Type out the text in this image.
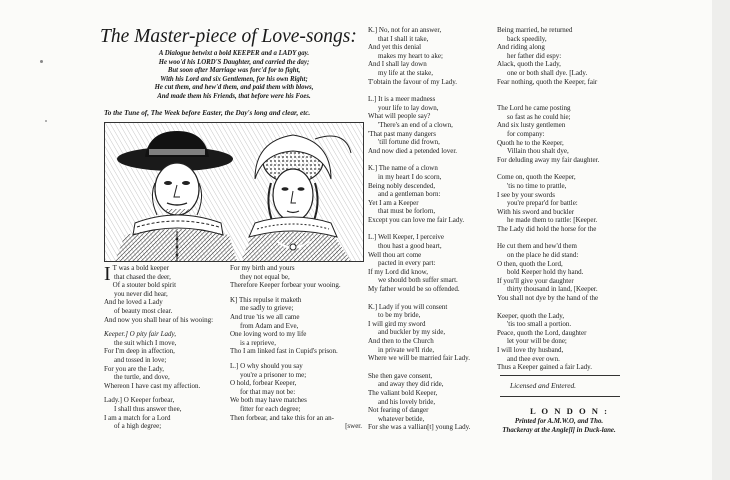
The Master-piece of Love-songs:
A Dialogue betwixt a bold KEEPER and a LADY gay.
He woo'd his LORD'S Daughter, and carried the day;
But soon after Marriage was forc'd for to fight,
With his Lord and six Gentlemen, for his own Right;
He cut them, and hew'd them, and paid them with blows,
And made them his Friends, that before were his Foes.
To the Tune of, The Week before Easter, the Day's long and clear, etc.
I T was a bold keeper
that chased the deer,
Of a stouter bold spirit
you never did hear,
And he loved a Lady
of beauty most clear.
And now you shall hear of his wooing:
Keeper.] O pity fair Lady,
the suit which I move,
For I'm deep in affection,
and tossed in love;
For you are the Lady,
the turtle, and dove,
Whereon I have cast my affection.
Lady.] O Keeper forbear,
I shall thus answer thee,
I am a match for a Lord
of a high degree;
For my birth and yours
they not equal be,
Therefore Keeper forbear your wooing.
K] This repulse it maketh
me sadly to grieve;
And true 'tis we all came
from Adam and Eve,
One loving word to my life
is a reprieve,
Tho I am linked fast in Cupid's prison.
L.] O why should you say
you're a prisoner to me;
O hold, forbear Keeper,
for that may not be:
We both may have matches
fitter for each degree;
Then forbear, and take this for an an-
[swer.
K.] No, not for an answer,
that I shall it take,
And yet this denial
makes my heart to ake;
And I shall lay down
my life at the stake,
T'obtain the favour of my Lady.
L.] It is a meer madness
your life to lay down,
What will people say?
'There's an end of a clown,
'That past many dangers
'till fortune did frown,
And now died a petended lover.
K.] The name of a clown
in my heart I do scorn,
Being nobly descended,
and a gentleman born:
Yet I am a Keeper
that must be forlorn,
Except you can love me fair Lady.
L.] Well Keeper, I perceive
thou hast a good heart,
Well thou art come
pacted in every part:
If my Lord did know,
we should both suffer smart.
My father would be so offended.
K.] Lady if you will consent
to be my bride,
I will gird my sword
and buckler by my side,
And then to the Church
in private we'll ride,
Where we will be married fair Lady.
She then gave consent,
and away they did ride,
The valiant bold Keeper,
and his lovely bride,
Not fearing of danger
whatever betide,
For she was a vallian[t] young Lady.
Being married, he returned
back speedily,
And riding along
her father did espy:
Alack, quoth the Lady,
one or both shall dye. [Lady.
Fear nothing, quoth the Keeper, fair
The Lord he came posting
so fast as he could hie;
And six lusty gentlemen
for company:
Quoth he to the Keeper,
Villain thou shalt dye,
For deluding away my fair daughter.
Come on, quoth the Keeper,
'tis no time to prattle,
I see by your swords
you're prepar'd for battle:
With his sword and buckler
he made them to rattle: [Keeper.
The Lady did hold the horse for the
He cut them and hew'd them
on the place he did stand:
O then, quoth the Lord,
bold Keeper hold thy hand.
If you'll give your daughter
thirty thousand in land, [Keeper.
You shall not dye by the hand of the
Keeper, quoth the Lady,
'tis too small a portion.
Peace, quoth the Lord, daughter
let your will be done;
I will love thy husband,
and thee ever own.
Thus a Keeper gained a fair Lady.
Licensed and Entered.
L O N D O N :
Printed for A.M.W.O, and Tho.
Thackeray at the Angle[l] in Duck-lane.
